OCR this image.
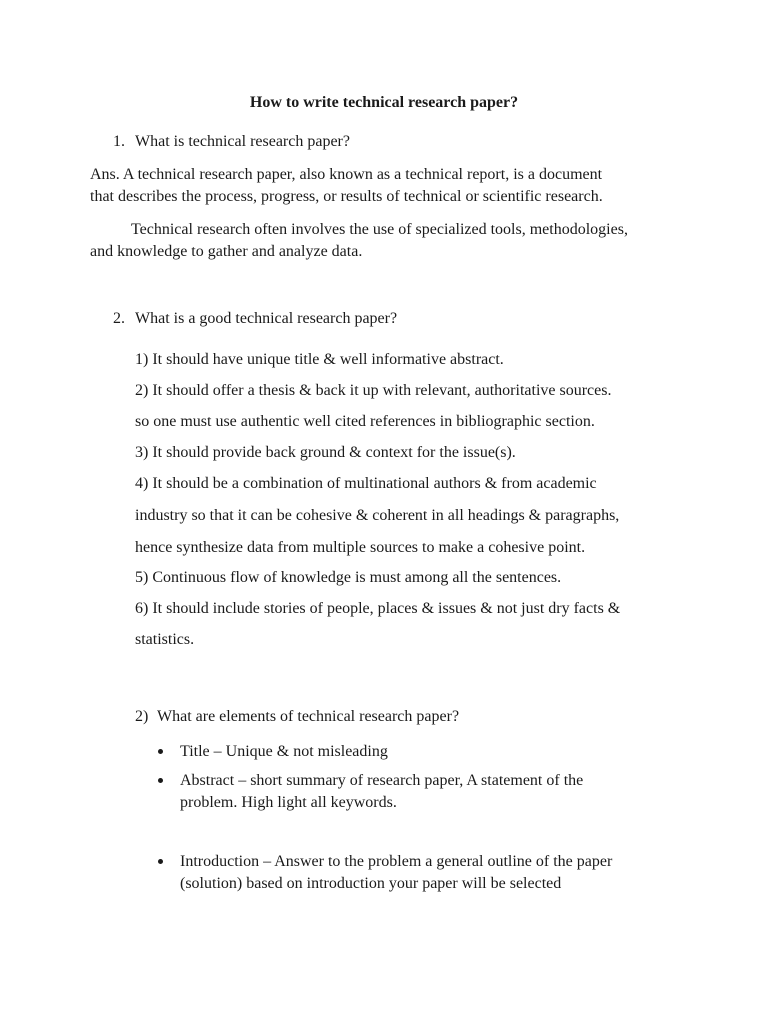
How to write technical research paper?
1. What is technical research paper?
Ans. A technical research paper, also known as a technical report, is a document
that describes the process, progress, or results of technical or scientific research.
Technical research often involves the use of specialized tools, methodologies,
and knowledge to gather and analyze data.
2. What is a good technical research paper?
1) It should have unique title & well informative abstract.
2) It should offer a thesis & back it up with relevant, authoritative sources.
so one must use authentic well cited references in bibliographic section.
3) It should provide back ground & context for the issue(s).
4) It should be a combination of multinational authors & from academic
industry so that it can be cohesive & coherent in all headings & paragraphs,
hence synthesize data from multiple sources to make a cohesive point.
5) Continuous flow of knowledge is must among all the sentences.
6) It should include stories of people, places & issues & not just dry facts &
statistics.
2) What are elements of technical research paper?
Title – Unique & not misleading
Abstract – short summary of research paper, A statement of the
problem. High light all keywords.
Introduction – Answer to the problem a general outline of the paper
(solution) based on introduction your paper will be selected
